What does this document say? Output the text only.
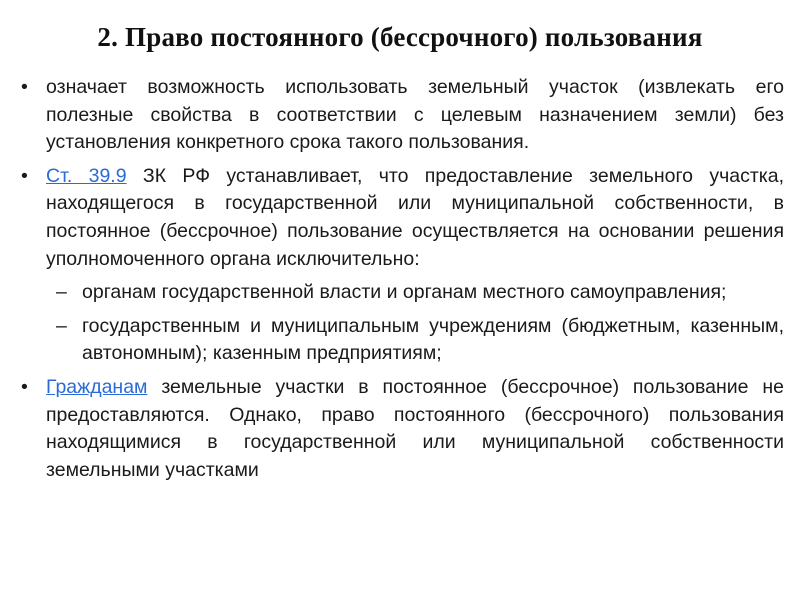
2. Право постоянного (бессрочного) пользования
• означает возможность использовать земельный участок (извлекать его полезные свойства в соответствии с целевым назначением земли) без установления конкретного срока такого пользования.
• Ст. 39.9 ЗК РФ устанавливает, что предоставление земельного участка, находящегося в государственной или муниципальной собственности, в постоянное (бессрочное) пользование осуществляется на основании решения уполномоченного органа исключительно:
– органам государственной власти и органам местного самоуправления;
– государственным и муниципальным учреждениям (бюджетным, казенным, автономным); казенным предприятиям;
• Гражданам земельные участки в постоянное (бессрочное) пользование не предоставляются. Однако, право постоянного (бессрочного) пользования находящимися в государственной или муниципальной собственности земельными участками
